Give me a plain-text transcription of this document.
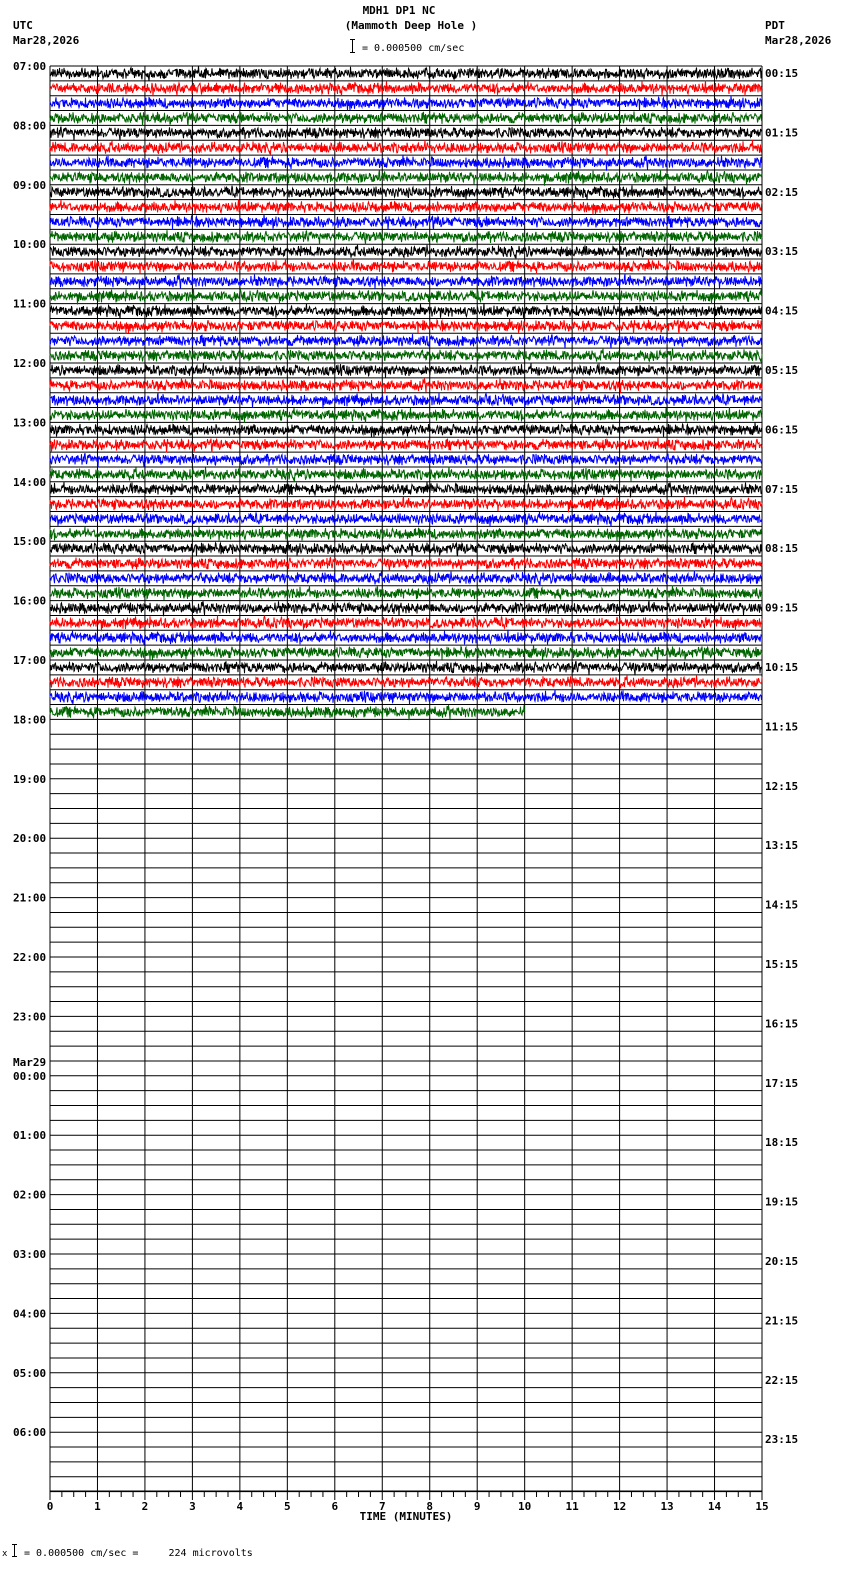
MDH1 DP1 NC
(Mammoth Deep Hole )
= 0.000500 cm/sec
UTC
Mar28,2026
PDT
Mar28,2026
07:00
08:00
09:00
10:00
11:00
12:00
13:00
14:00
15:00
16:00
17:00
18:00
19:00
20:00
21:00
22:00
23:00
00:00
Mar29
01:00
02:00
03:00
04:00
05:00
06:00
00:15
01:15
02:15
03:15
04:15
05:15
06:15
07:15
08:15
09:15
10:15
11:15
12:15
13:15
14:15
15:15
16:15
17:15
18:15
19:15
20:15
21:15
22:15
23:15
0	1	2	3	4	5	6	7	8	9	10	11	12	13	14	15
TIME (MINUTES)
x = 0.000500 cm/sec =     224 microvolts
